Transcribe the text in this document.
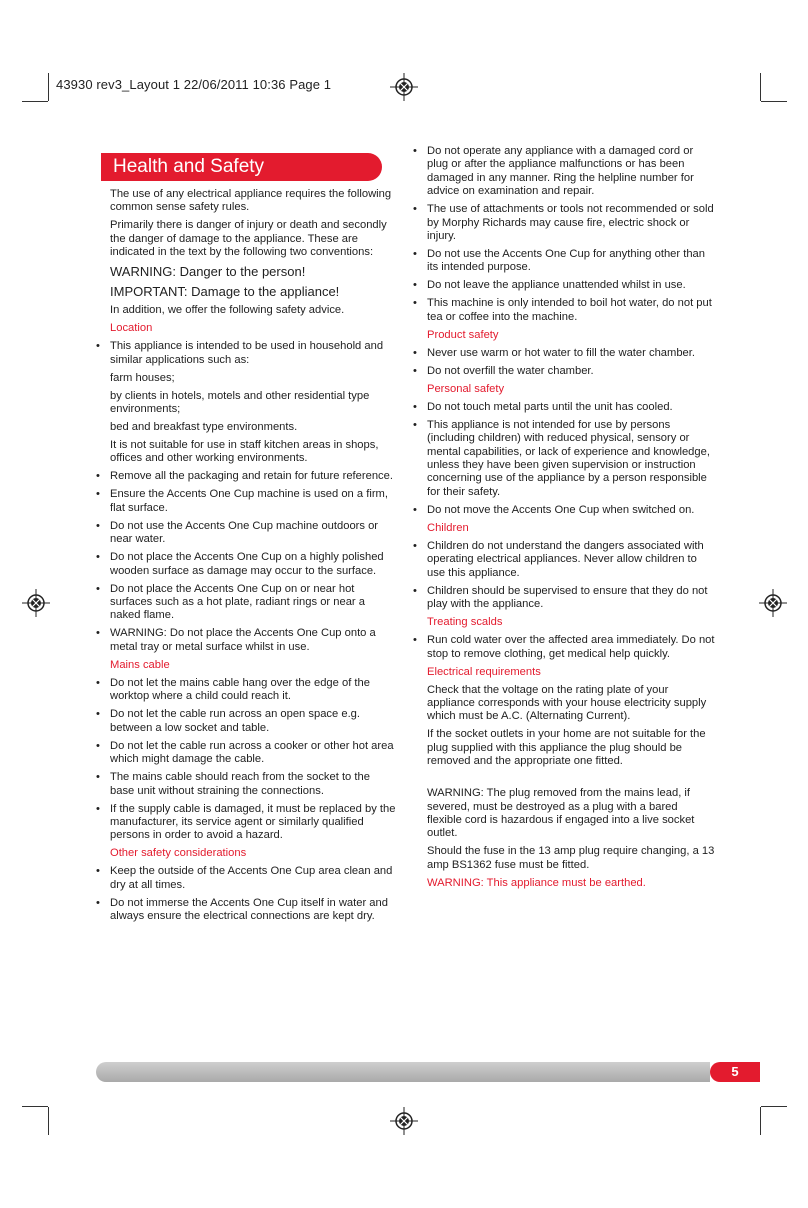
43930 rev3_Layout 1 22/06/2011 10:36 Page 1
Health and Safety

The use of any electrical appliance requires the following common sense safety rules.

Primarily there is danger of injury or death and secondly the danger of damage to the appliance. These are indicated in the text by the following two conventions:

WARNING: Danger to the person!

IMPORTANT: Damage to the appliance!

In addition, we offer the following safety advice.

Location

• This appliance is intended to be used in household and similar applications such as:

farm houses;

by clients in hotels, motels and other residential type environments;

bed and breakfast type environments.

It is not suitable for use in staff kitchen areas in shops, offices and other working environments.

• Remove all the packaging and retain for future reference.
• Ensure the Accents One Cup machine is used on a firm, flat surface.
• Do not use the Accents One Cup machine outdoors or near water.
• Do not place the Accents One Cup on a highly polished wooden surface as damage may occur to the surface.
• Do not place the Accents One Cup on or near hot surfaces such as a hot plate, radiant rings or near a naked flame.
• WARNING: Do not place the Accents One Cup onto a metal tray or metal surface whilst in use.

Mains cable

• Do not let the mains cable hang over the edge of the worktop where a child could reach it.
• Do not let the cable run across an open space e.g. between a low socket and table.
• Do not let the cable run across a cooker or other hot area which might damage the cable.
• The mains cable should reach from the socket to the base unit without straining the connections.
• If the supply cable is damaged, it must be replaced by the manufacturer, its service agent or similarly qualified persons in order to avoid a hazard.

Other safety considerations

• Keep the outside of the Accents One Cup area clean and dry at all times.
• Do not immerse the Accents One Cup itself in water and always ensure the electrical connections are kept dry.
• Do not operate any appliance with a damaged cord or plug or after the appliance malfunctions or has been damaged in any manner. Ring the helpline number for advice on examination and repair.
• The use of attachments or tools not recommended or sold by Morphy Richards may cause fire, electric shock or injury.
• Do not use the Accents One Cup for anything other than its intended purpose.
• Do not leave the appliance unattended whilst in use.
• This machine is only intended to boil hot water, do not put tea or coffee into the machine.

Product safety

• Never use warm or hot water to fill the water chamber.
• Do not overfill the water chamber.

Personal safety

• Do not touch metal parts until the unit has cooled.
• This appliance is not intended for use by persons (including children) with reduced physical, sensory or mental capabilities, or lack of experience and knowledge, unless they have been given supervision or instruction concerning use of the appliance by a person responsible for their safety.
• Do not move the Accents One Cup when switched on.

Children

• Children do not understand the dangers associated with operating electrical appliances. Never allow children to use this appliance.
• Children should be supervised to ensure that they do not play with the appliance.

Treating scalds

• Run cold water over the affected area immediately. Do not stop to remove clothing, get medical help quickly.

Electrical requirements

Check that the voltage on the rating plate of your appliance corresponds with your house electricity supply which must be A.C. (Alternating Current).

If the socket outlets in your home are not suitable for the plug supplied with this appliance the plug should be removed and the appropriate one fitted.

WARNING: The plug removed from the mains lead, if severed, must be destroyed as a plug with a bared flexible cord is hazardous if engaged into a live socket outlet.

Should the fuse in the 13 amp plug require changing, a 13 amp BS1362 fuse must be fitted.

WARNING: This appliance must be earthed.

5
